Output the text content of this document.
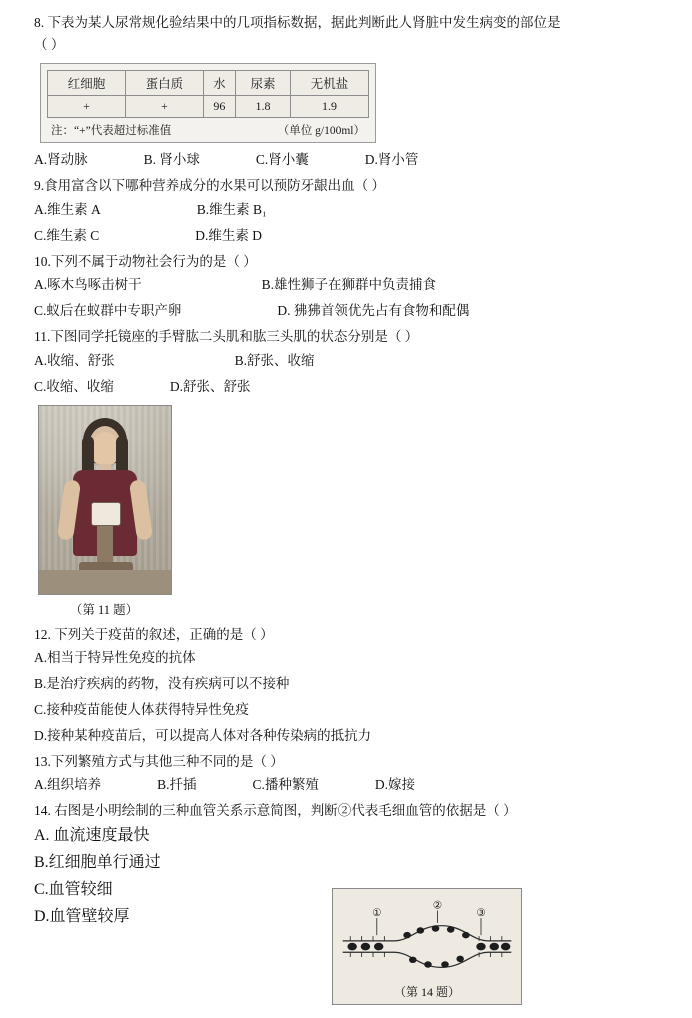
8. 下表为某人尿常规化验结果中的几项指标数据，据此判断此人肾脏中发生病变的部位是

（ ）

红细胞	蛋白质	水	尿素	无机盐
+	+	96	1.8	1.9
注：“+”代表超过标准值	（单位 g/100ml）
A.肾动脉	B. 肾小球	C.肾小囊	D.肾小管

9.食用富含以下哪种营养成分的水果可以预防牙龈出血（ ）

A.维生素 A	B.维生素 B₁
C.维生素 C	D.维生素 D

10.下列不属于动物社会行为的是（ ）

A.啄木鸟啄击树干	B.雄性狮子在狮群中负责捕食
C.蚁后在蚁群中专职产卵	D. 狒狒首领优先占有食物和配偶

11.下图同学托镜座的手臂肱二头肌和肱三头肌的状态分别是（ ）

A.收缩、舒张	B.舒张、收缩
C.收缩、收缩	D.舒张、舒张
（第 11 题）

12. 下列关于疫苗的叙述，正确的是（ ）

A.相当于特异性免疫的抗体
B.是治疗疾病的药物，没有疾病可以不接种
C.接种疫苗能使人体获得特异性免疫
D.接种某种疫苗后，可以提高人体对各种传染病的抵抗力

13.下列繁殖方式与其他三种不同的是（ ）

A.组织培养	B.扦插	C.播种繁殖	D.嫁接

14. 右图是小明绘制的三种血管关系示意简图，判断②代表毛细血管的依据是（ ）

A. 血流速度最快
B.红细胞单行通过
C.血管较细
D.血管壁较厚	①
②
③
（第 14 题）
